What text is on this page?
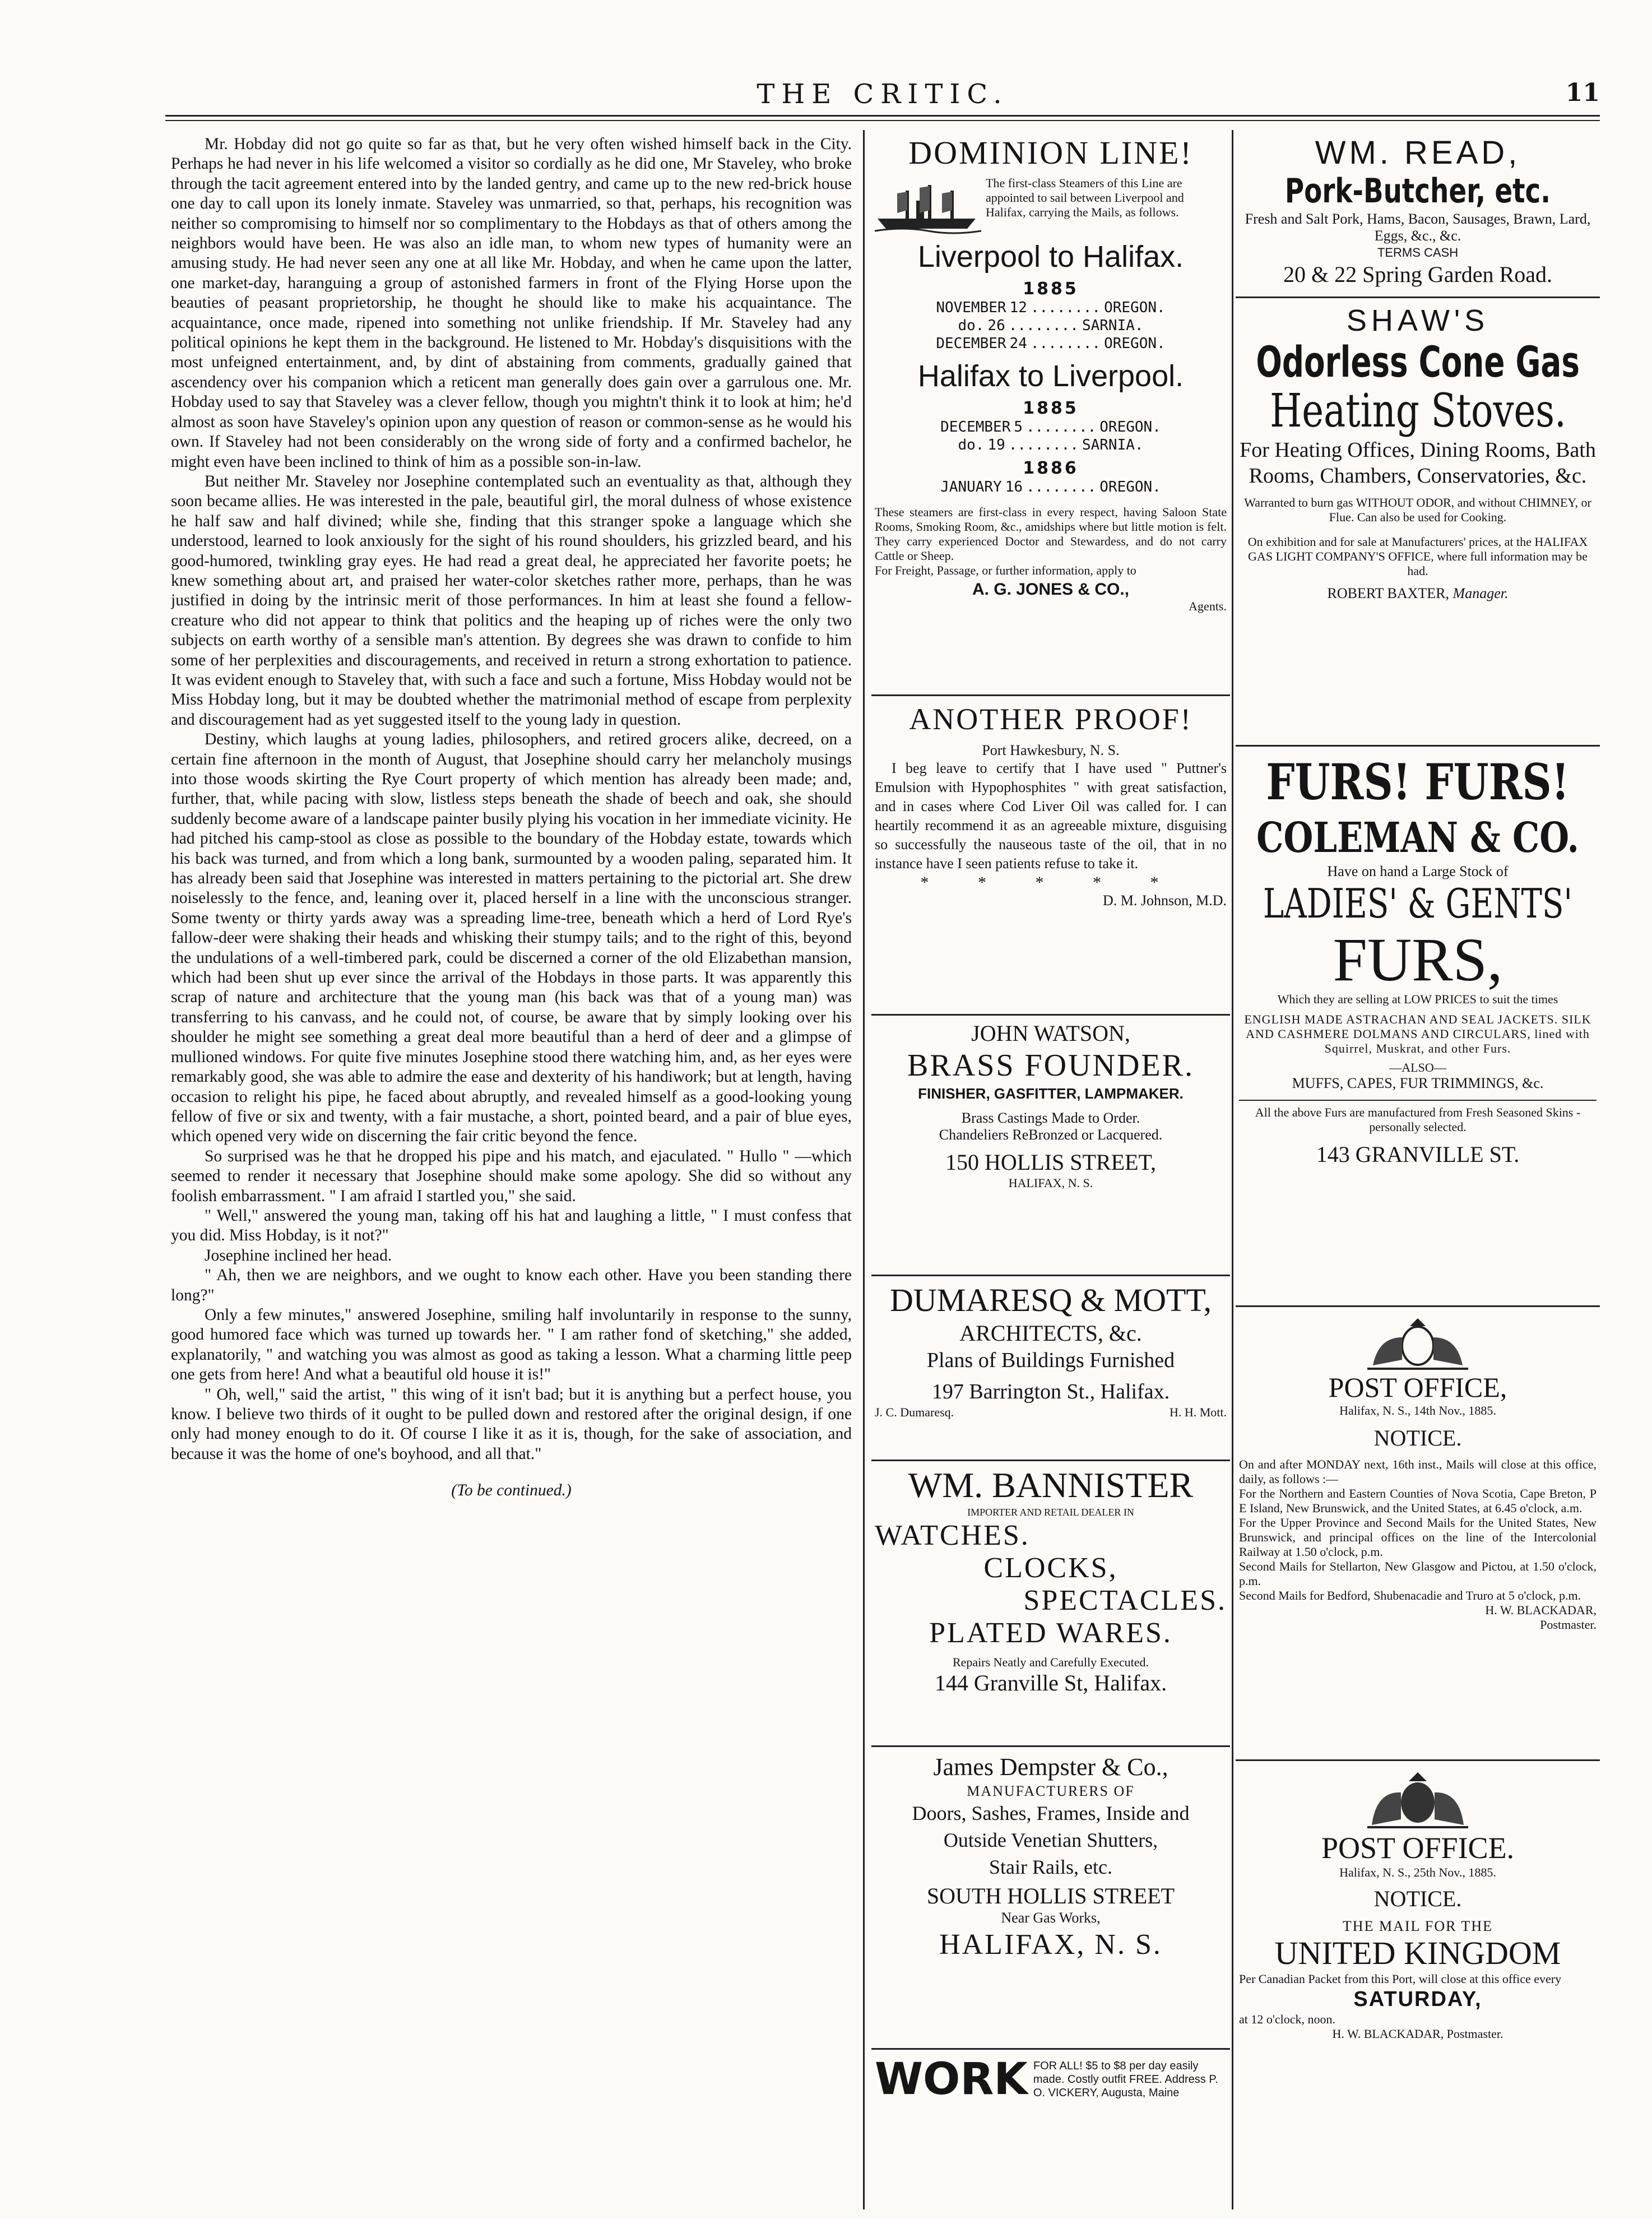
THE CRITIC.	11

Mr. Hobday did not go quite so far as that, but he very often wished himself back in the City. Perhaps he had never in his life welcomed a visitor so cordially as he did one, Mr Staveley, who broke through the tacit agreement entered into by the landed gentry, and came up to the new red-brick house one day to call upon its lonely inmate. Staveley was unmarried, so that, perhaps, his recognition was neither so compromising to himself nor so complimentary to the Hobdays as that of others among the neighbors would have been. He was also an idle man, to whom new types of humanity were an amusing study. He had never seen any one at all like Mr. Hobday, and when he came upon the latter, one market-day, haranguing a group of astonished farmers in front of the Flying Horse upon the beauties of peasant proprietorship, he thought he should like to make his acquaintance. The acquaintance, once made, ripened into something not unlike friendship. If Mr. Staveley had any political opinions he kept them in the background. He listened to Mr. Hobday's disquisitions with the most unfeigned entertainment, and, by dint of abstaining from comments, gradually gained that ascendency over his companion which a reticent man generally does gain over a garrulous one. Mr. Hobday used to say that Staveley was a clever fellow, though you mightn't think it to look at him; he'd almost as soon have Staveley's opinion upon any question of reason or common-sense as he would his own. If Staveley had not been considerably on the wrong side of forty and a confirmed bachelor, he might even have been inclined to think of him as a possible son-in-law.

But neither Mr. Staveley nor Josephine contemplated such an eventuality as that, although they soon became allies. He was interested in the pale, beautiful girl, the moral dulness of whose existence he half saw and half divined; while she, finding that this stranger spoke a language which she understood, learned to look anxiously for the sight of his round shoulders, his grizzled beard, and his good-humored, twinkling gray eyes. He had read a great deal, he appreciated her favorite poets; he knew something about art, and praised her water-color sketches rather more, perhaps, than he was justified in doing by the intrinsic merit of those performances. In him at least she found a fellow-creature who did not appear to think that politics and the heaping up of riches were the only two subjects on earth worthy of a sensible man's attention. By degrees she was drawn to confide to him some of her perplexities and discouragements, and received in return a strong exhortation to patience. It was evident enough to Staveley that, with such a face and such a fortune, Miss Hobday would not be Miss Hobday long, but it may be doubted whether the matrimonial method of escape from perplexity and discouragement had as yet suggested itself to the young lady in question.

Destiny, which laughs at young ladies, philosophers, and retired grocers alike, decreed, on a certain fine afternoon in the month of August, that Josephine should carry her melancholy musings into those woods skirting the Rye Court property of which mention has already been made; and, further, that, while pacing with slow, listless steps beneath the shade of beech and oak, she should suddenly become aware of a landscape painter busily plying his vocation in her immediate vicinity. He had pitched his camp-stool as close as possible to the boundary of the Hobday estate, towards which his back was turned, and from which a long bank, surmounted by a wooden paling, separated him. It has already been said that Josephine was interested in matters pertaining to the pictorial art. She drew noiselessly to the fence, and, leaning over it, placed herself in a line with the unconscious stranger. Some twenty or thirty yards away was a spreading lime-tree, beneath which a herd of Lord Rye's fallow-deer were shaking their heads and whisking their stumpy tails; and to the right of this, beyond the undulations of a well-timbered park, could be discerned a corner of the old Elizabethan mansion, which had been shut up ever since the arrival of the Hobdays in those parts. It was apparently this scrap of nature and architecture that the young man (his back was that of a young man) was transferring to his canvass, and he could not, of course, be aware that by simply looking over his shoulder he might see something a great deal more beautiful than a herd of deer and a glimpse of mullioned windows. For quite five minutes Josephine stood there watching him, and, as her eyes were remarkably good, she was able to admire the ease and dexterity of his handiwork; but at length, having occasion to relight his pipe, he faced about abruptly, and revealed himself as a good-looking young fellow of five or six and twenty, with a fair mustache, a short, pointed beard, and a pair of blue eyes, which opened very wide on discerning the fair critic beyond the fence.

So surprised was he that he dropped his pipe and his match, and ejaculated. " Hullo " —which seemed to render it necessary that Josephine should make some apology. She did so without any foolish embarrassment. " I am afraid I startled you," she said.

" Well," answered the young man, taking off his hat and laughing a little, " I must confess that you did. Miss Hobday, is it not?"

Josephine inclined her head.

" Ah, then we are neighbors, and we ought to know each other. Have you been standing there long?"

Only a few minutes," answered Josephine, smiling half involuntarily in response to the sunny, good humored face which was turned up towards her. " I am rather fond of sketching," she added, explanatorily, " and watching you was almost as good as taking a lesson. What a charming little peep one gets from here! And what a beautiful old house it is!"

" Oh, well," said the artist, " this wing of it isn't bad; but it is anything but a perfect house, you know. I believe two thirds of it ought to be pulled down and restored after the original design, if one only had money enough to do it. Of course I like it as it is, though, for the sake of association, and because it was the home of one's boyhood, and all that."

(To be continued.)

DOMINION LINE!
The first-class Steamers of this Line are appointed to sail between Liverpool and Halifax, carrying the Mails, as follows.
Liverpool to Halifax.
1885
NOVEMBER 12 ........ OREGON.
do. 26 ........ SARNIA.
DECEMBER 24 ........ OREGON.
Halifax to Liverpool.
1885
DECEMBER 5 ........ OREGON.
do. 19 ........ SARNIA.
1886
JANUARY 16 ........ OREGON.
These steamers are first-class in every respect, having Saloon State Rooms, Smoking Room, &c., amidships where but little motion is felt. They carry experienced Doctor and Stewardess, and do not carry Cattle or Sheep.
For Freight, Passage, or further information, apply to
A. G. JONES & CO.,
Agents.
ANOTHER PROOF!
Port Hawkesbury, N. S.
I beg leave to certify that I have used " Puttner's Emulsion with Hypophosphites " with great satisfaction, and in cases where Cod Liver Oil was called for. I can heartily recommend it as an agreeable mixture, disguising so successfully the nauseous taste of the oil, that in no instance have I seen patients refuse to take it.
* * * * *
D. M. Johnson, M.D.
JOHN WATSON,
BRASS FOUNDER.
FINISHER, GASFITTER, LAMPMAKER.
Brass Castings Made to Order.
Chandeliers ReBronzed or Lacquered.
150 HOLLIS STREET,
HALIFAX, N. S.
DUMARESQ & MOTT,
ARCHITECTS, &c.
Plans of Buildings Furnished
197 Barrington St., Halifax.
J. C. Dumaresq.	H. H. Mott.
WM. BANNISTER
IMPORTER AND RETAIL DEALER IN
WATCHES.
CLOCKS,
SPECTACLES.
PLATED WARES.
Repairs Neatly and Carefully Executed.
144 Granville St, Halifax.
James Dempster & Co.,
MANUFACTURERS OF
Doors, Sashes, Frames, Inside and
Outside Venetian Shutters,
Stair Rails, etc.
SOUTH HOLLIS STREET
Near Gas Works,
HALIFAX, N. S.
WORK FOR ALL! $5 to $8 per day easily made. Costly outfit FREE. Address P. O. VICKERY, Augusta, Maine
WM. READ,
Pork-Butcher, etc.
Fresh and Salt Pork, Hams, Bacon, Sausages, Brawn, Lard, Eggs, &c., &c.
TERMS CASH
20 & 22 Spring Garden Road.
SHAW'S
Odorless Cone Gas Heating Stoves.
For Heating Offices, Dining Rooms, Bath Rooms, Chambers, Conservatories, &c.
Warranted to burn gas WITHOUT ODOR, and without CHIMNEY, or Flue. Can also be used for Cooking.
On exhibition and for sale at Manufacturers' prices, at the HALIFAX GAS LIGHT COMPANY'S OFFICE, where full information may be had.
ROBERT BAXTER, Manager.
FURS! FURS! COLEMAN & CO.
Have on hand a Large Stock of
LADIES' & GENTS'
FURS,
Which they are selling at LOW PRICES to suit the times
ENGLISH MADE ASTRACHAN AND SEAL JACKETS. SILK AND CASHMERE DOLMANS AND CIRCULARS, lined with Squirrel, Muskrat, and other Furs.
—ALSO—
MUFFS, CAPES, FUR TRIMMINGS, &c.
All the above Furs are manufactured from Fresh Seasoned Skins - personally selected.
143 GRANVILLE ST.
POST OFFICE,
Halifax, N. S., 14th Nov., 1885.
NOTICE.
On and after MONDAY next, 16th inst., Mails will close at this office, daily, as follows :—
For the Northern and Eastern Counties of Nova Scotia, Cape Breton, P E Island, New Brunswick, and the United States, at 6.45 o'clock, a.m.
For the Upper Province and Second Mails for the United States, New Brunswick, and principal offices on the line of the Intercolonial Railway at 1.50 o'clock, p.m.
Second Mails for Stellarton, New Glasgow and Pictou, at 1.50 o'clock, p.m.
Second Mails for Bedford, Shubenacadie and Truro at 5 o'clock, p.m.
H. W. BLACKADAR,
Postmaster.
POST OFFICE.
Halifax, N. S., 25th Nov., 1885.
NOTICE.
THE MAIL FOR THE
UNITED KINGDOM
Per Canadian Packet from this Port, will close at this office every
SATURDAY,
at 12 o'clock, noon.
H. W. BLACKADAR, Postmaster.
